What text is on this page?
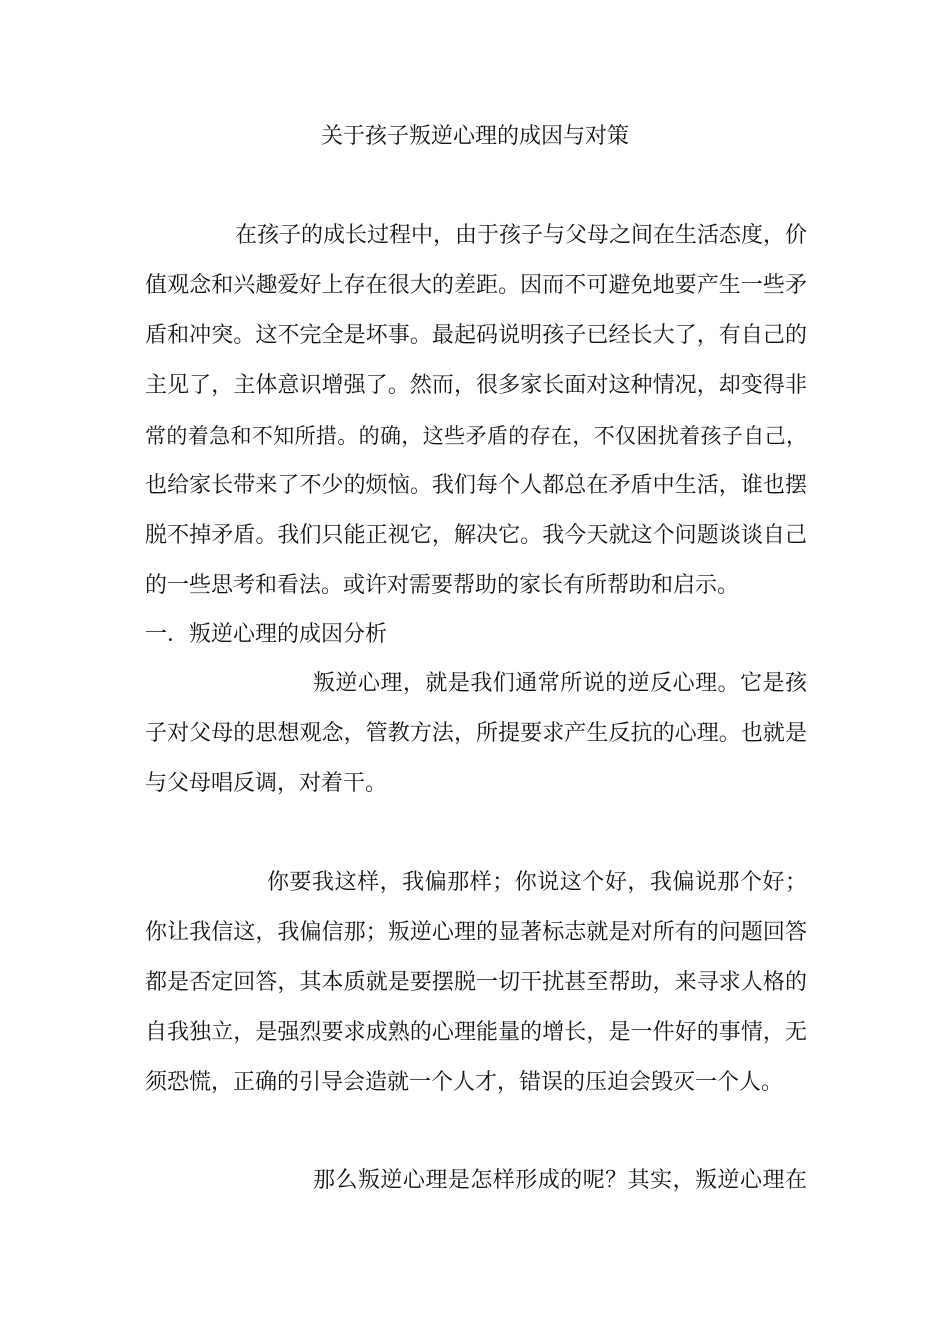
关于孩子叛逆心理的成因与对策
在孩子的成长过程中，由于孩子与父母之间在生活态度，价
值观念和兴趣爱好上存在很大的差距。因而不可避免地要产生一些矛
盾和冲突。这不完全是坏事。最起码说明孩子已经长大了，有自己的
主见了，主体意识增强了。然而，很多家长面对这种情况，却变得非
常的着急和不知所措。的确，这些矛盾的存在，不仅困扰着孩子自己，
也给家长带来了不少的烦恼。我们每个人都总在矛盾中生活，谁也摆
脱不掉矛盾。我们只能正视它，解决它。我今天就这个问题谈谈自己
的一些思考和看法。或许对需要帮助的家长有所帮助和启示。
一．叛逆心理的成因分析
叛逆心理，就是我们通常所说的逆反心理。它是孩
子对父母的思想观念，管教方法，所提要求产生反抗的心理。也就是
与父母唱反调，对着干。
你要我这样，我偏那样；你说这个好，我偏说那个好；
你让我信这，我偏信那；叛逆心理的显著标志就是对所有的问题回答
都是否定回答，其本质就是要摆脱一切干扰甚至帮助，来寻求人格的
自我独立，是强烈要求成熟的心理能量的增长，是一件好的事情，无
须恐慌，正确的引导会造就一个人才，错误的压迫会毁灭一个人。
那么叛逆心理是怎样形成的呢？其实，叛逆心理在
